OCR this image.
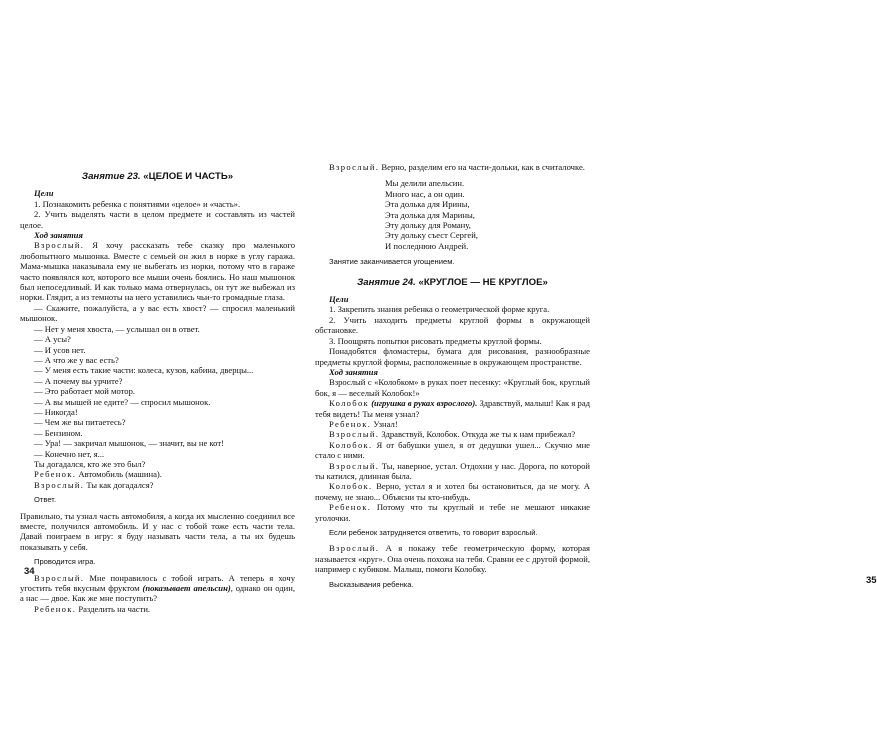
Занятие 23. «ЦЕЛОЕ И ЧАСТЬ»
Цели

1. Познакомить ребенка с понятиями «целое» и «часть».

2. Учить выделять части в целом предмете и составлять из частей целое.

Ход занятия

Взрослый. Я хочу рассказать тебе сказку про маленького любопытного мышонка. Вместе с семьей он жил в норке в углу гаража. Мама-мышка наказывала ему не выбегать из норки, потому что в гараже часто появлялся кот, которого все мыши очень боялись. Но наш мышонок был непоседливый. И как только мама отвернулась, он тут же выбежал из норки. Глядит, а из темноты на него уставились чьи-то громадные глаза.

— Скажите, пожалуйста, а у вас есть хвост? — спросил маленький мышонок.

— Нет у меня хвоста, — услышал он в ответ.

— А усы?

— И усов нет.

— А что же у вас есть?

— У меня есть такие части: колеса, кузов, кабина, дверцы...

— А почему вы урчите?

— Это работает мой мотор.

— А вы мышей не едите? — спросил мышонок.

— Никогда!

— Чем же вы питаетесь?

— Бензином.

— Ура! — закричал мышонок, — значит, вы не кот!

— Конечно нет, я...

Ты догадался, кто же это был?

Ребенок. Автомобиль (машина).

Взрослый. Ты как догадался?

Ответ.

Правильно, ты узнал часть автомобиля, а когда их мысленно соединил все вместе, получился автомобиль. И у нас с тобой тоже есть части тела. Давай поиграем в игру: я буду называть части тела, а ты их будешь показывать у себя.

Проводится игра.

Взрослый. Мне понравилось с тобой играть. А теперь я хочу угостить тебя вкусным фруктом (показывает апельсин), однако он один, а нас — двое. Как же мне поступить?

Ребенок. Разделить на части.

34

Взрослый. Верно, разделим его на части-дольки, как в считалочке.

Мы делили апельсин.
Много нас, а он один.
Эта долька для Ирины,
Эта долька для Марины,
Эту дольку для Роману,
Эту дольку съест Сергей,
И последнюю Андрей.
Занятие заканчивается угощением.
Занятие 24. «КРУГЛОЕ — НЕ КРУГЛОЕ»
Цели

1. Закрепить знания ребенка о геометрической форме круга.

2. Учить находить предметы круглой формы в окружающей обстановке.

3. Поощрять попытки рисовать предметы круглой формы.

Понадобятся фломастеры, бумага для рисования, разнообразные предметы круглой формы, расположенные в окружающем пространстве.

Ход занятия

Взрослый с «Колобком» в руках поет песенку: «Круглый бок, круглый бок, я — веселый Колобок!»

Колобок (игрушка в руках взрослого). Здравствуй, малыш! Как я рад тебя видеть! Ты меня узнал?

Ребенок. Узнал!

Взрослый. Здравствуй, Колобок. Откуда же ты к нам прибежал?

Колобок. Я от бабушки ушел, я от дедушки ушел... Скучно мне стало с ними.

Взрослый. Ты, наверное, устал. Отдохни у нас. Дорога, по которой ты катился, длинная была.

Колобок. Верно, устал я и хотел бы остановиться, да не могу. А почему, не знаю... Объясни ты кто-нибудь.

Ребенок. Потому что ты круглый и тебе не мешают никакие уголочки.

Если ребенок затрудняется ответить, то говорит взрослый.

Взрослый. А я покажу тебе геометрическую форму, которая называется «круг». Она очень похожа на тебя. Сравни ее с другой формой, например с кубиком. Малыш, помоги Колобку.

Высказывания ребенка.	35
